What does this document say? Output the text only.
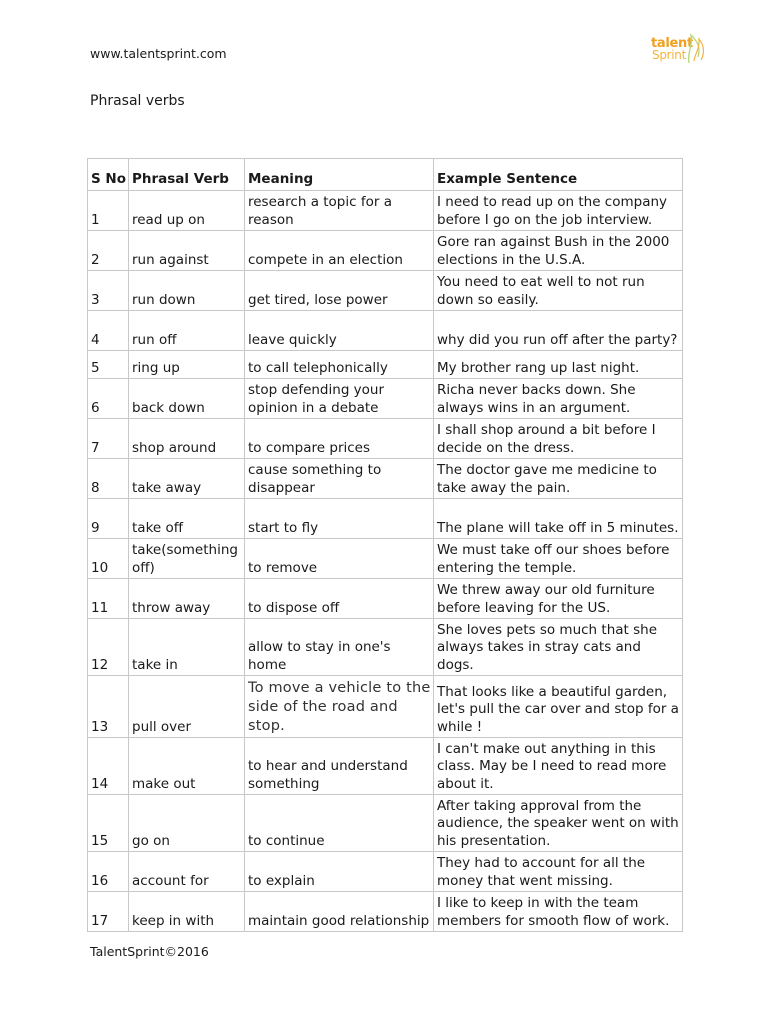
www.talentsprint.com
talent
Sprint
Phrasal verbs
S No	Phrasal Verb	Meaning	Example Sentence
1	read up on	research a topic for a reason	I need to read up on the company before I go on the job interview.
2	run against	compete in an election	Gore ran against Bush in the 2000 elections in the U.S.A.
3	run down	get tired, lose power	You need to eat well to not run down so easily.
4	run off	leave quickly	why did you run off after the party?
5	ring up	to call telephonically	My brother rang up last night.
6	back down	stop defending your opinion in a debate	Richa never backs down. She always wins in an argument.
7	shop around	to compare prices	I shall shop around a bit before I decide on the dress.
8	take away	cause something to disappear	The doctor gave me medicine to take away the pain.
9	take off	start to fly	The plane will take off in 5 minutes.
10	take(something off)	to remove	We must take off our shoes before entering the temple.
11	throw away	to dispose off	We threw away our old furniture before leaving for the US.
12	take in	allow to stay in one's home	She loves pets so much that she always takes in stray cats and dogs.
13	pull over	To move a vehicle to the side of the road and stop.	That looks like a beautiful garden, let's pull the car over and stop for a while !
14	make out	to hear and understand something	I can't make out anything in this class. May be I need to read more about it.
15	go on	to continue	After taking approval from the audience, the speaker went on with his presentation.
16	account for	to explain	They had to account for all the money that went missing.
17	keep in with	maintain good relationship	I like to keep in with the team members for smooth flow of work.
TalentSprint©2016
